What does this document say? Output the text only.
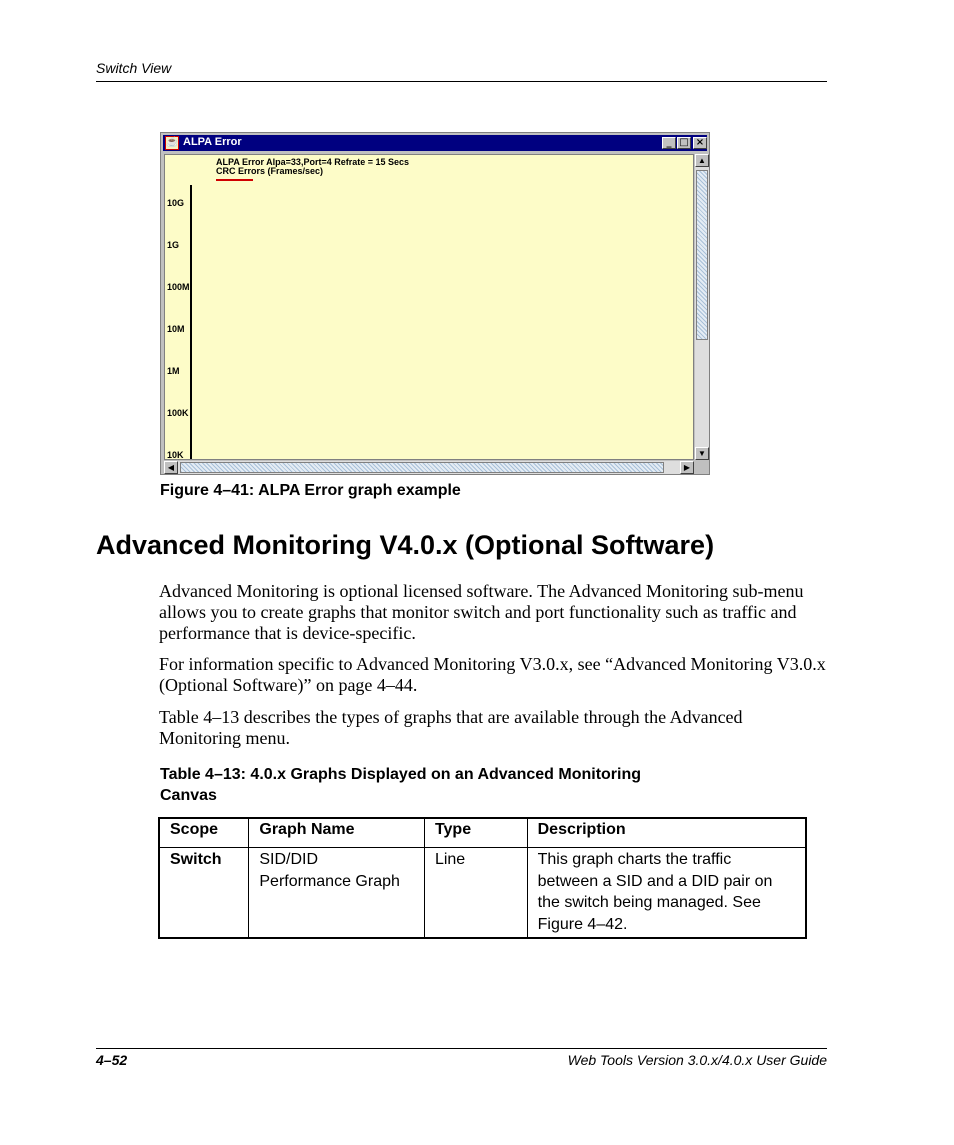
Switch View
☕ ALPA Error	_ □ ×
ALPA Error Alpa=33,Port=4 Refrate = 15 Secs
CRC Errors (Frames/sec)
10G
1G
100M
10M
1M
100K
10K
▲
▼
◀	▶
Figure 4–41: ALPA Error graph example
Advanced Monitoring V4.0.x (Optional Software)
Advanced Monitoring is optional licensed software. The Advanced Monitoring sub-menu allows you to create graphs that monitor switch and port functionality such as traffic and performance that is device-specific.
For information specific to Advanced Monitoring V3.0.x, see “Advanced Monitoring V3.0.x (Optional Software)” on page 4–44.
Table 4–13 describes the types of graphs that are available through the Advanced Monitoring menu.
Table 4–13: 4.0.x Graphs Displayed on an Advanced Monitoring
Canvas
Scope	Graph Name	Type	Description
Switch	SID/DID Performance Graph	Line	This graph charts the traffic between a SID and a DID pair on the switch being managed. See Figure 4–42.
4–52	Web Tools Version 3.0.x/4.0.x User Guide
